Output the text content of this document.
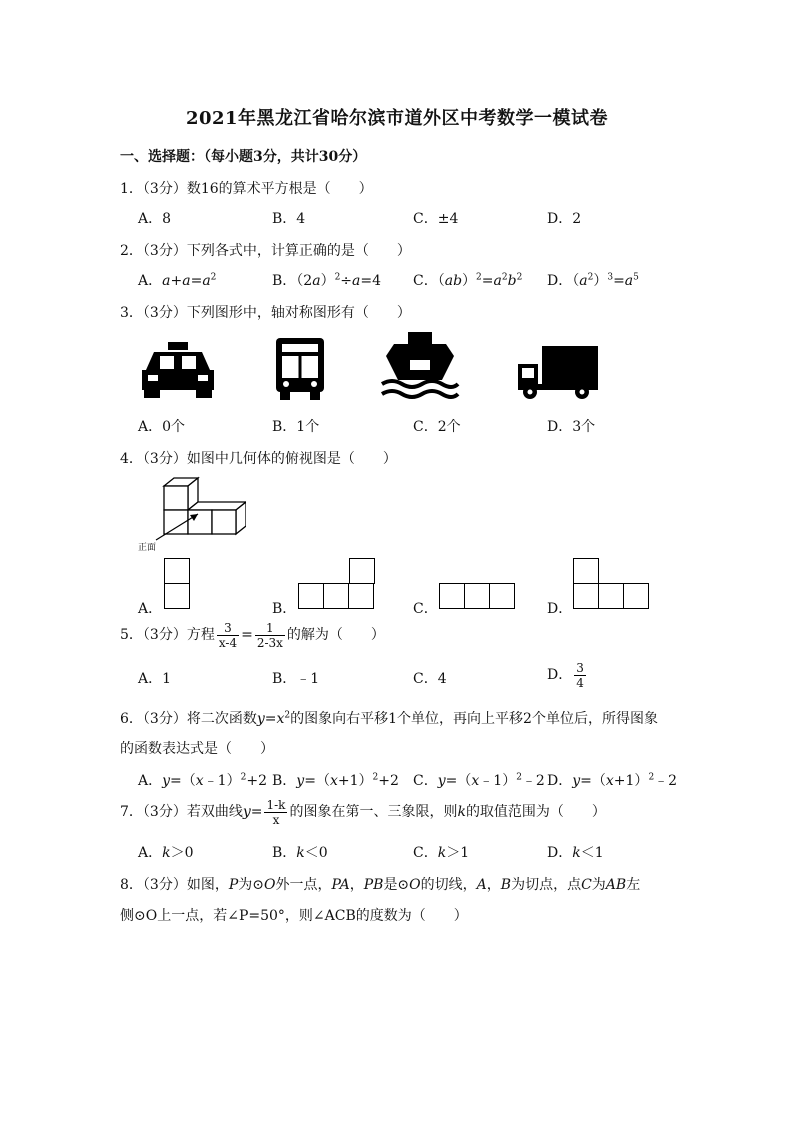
2021年黑龙江省哈尔滨市道外区中考数学一模试卷
一、选择题：（每小题3分，共计30分）
1．（3分）数16的算术平方根是（　　）
A．8	B．4	C．±4	D．2
2．（3分）下列各式中，计算正确的是（　　）
A．$a+a=a^2$	B．$(2a)^2\div a=4$ C．$(ab)^2=a^2b^2$ D．$(a^2)^3=a^5$
3．（3分）下列图形中，轴对称图形有（　　）
A．0个	B．1个	C．2个	D．3个
4．（3分）如图中几何体的俯视图是（　　）
正面
A．	B．	C．	D．
5．（3分）方程 $\frac{3}{x-4} = \frac{1}{2-3x}$ 的解为（　　）
A．1	B．﹣1	C．4	D． $\frac{3}{4}$
6．（3分）将二次函数$y=x^2$的图象向右平移1个单位，再向上平移2个单位后，所得图象
的函数表达式是（　　）
A．y=（x﹣1）$^2$+2 B．$y=(x+1)^2+2$ C．y=（x﹣1）$^2$﹣2 D．$y=(x+1)^2﹣2$
7．（3分）若双曲线$y= \frac{1-k}{x}$ 的图象在第一、三象限，则k的取值范围为（　　）
A．k＞0	B．k＜0	C．k＞1	D．k＜1
8．（3分）如图，P为⊙O外一点，PA，PB是⊙O的切线，A，B为切点，点C为AB左
侧⊙O上一点，若∠P=50°，则∠ACB的度数为（　　）
